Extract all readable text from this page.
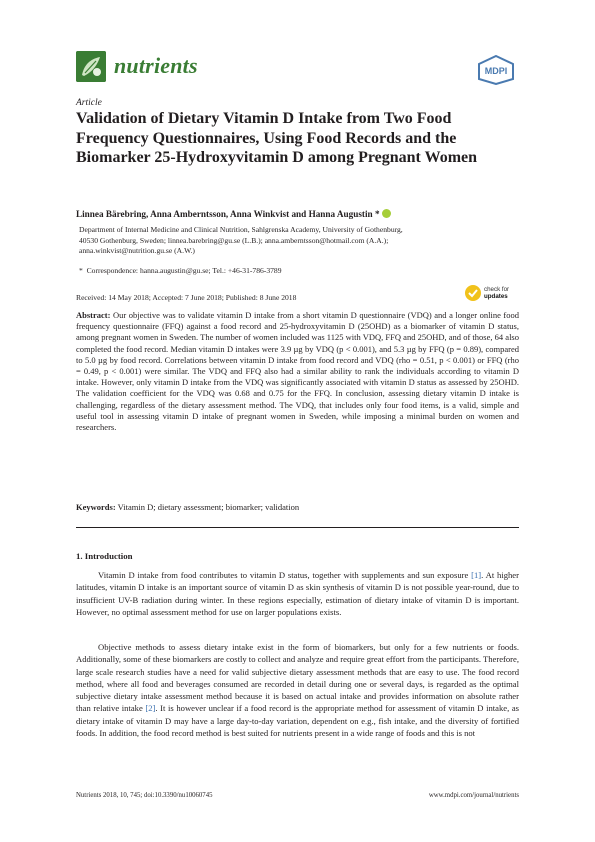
nutrients	MDPI
Article
Validation of Dietary Vitamin D Intake from Two Food Frequency Questionnaires, Using Food Records and the Biomarker 25-Hydroxyvitamin D among Pregnant Women
Linnea Bärebring, Anna Amberntsson, Anna Winkvist and Hanna Augustin *
Department of Internal Medicine and Clinical Nutrition, Sahlgrenska Academy, University of Gothenburg,
40530 Gothenburg, Sweden; linnea.barebring@gu.se (L.B.); anna.amberntsson@hotmail.com (A.A.);
anna.winkvist@nutrition.gu.se (A.W.)
* Correspondence: hanna.augustin@gu.se; Tel.: +46-31-786-3789
Received: 14 May 2018; Accepted: 7 June 2018; Published: 8 June 2018
check for
updates
Abstract: Our objective was to validate vitamin D intake from a short vitamin D questionnaire (VDQ) and a longer online food frequency questionnaire (FFQ) against a food record and 25-hydroxyvitamin D (25OHD) as a biomarker of vitamin D status, among pregnant women in Sweden. The number of women included was 1125 with VDQ, FFQ and 25OHD, and of those, 64 also completed the food record. Median vitamin D intakes were 3.9 µg by VDQ (p < 0.001), and 5.3 µg by FFQ (p = 0.89), compared to 5.0 µg by food record. Correlations between vitamin D intake from food record and VDQ (rho = 0.51, p < 0.001) or FFQ (rho = 0.49, p < 0.001) were similar. The VDQ and FFQ also had a similar ability to rank the individuals according to vitamin D intake. However, only vitamin D intake from the VDQ was significantly associated with vitamin D status as assessed by 25OHD. The validation coefficient for the VDQ was 0.68 and 0.75 for the FFQ. In conclusion, assessing dietary vitamin D intake is challenging, regardless of the dietary assessment method. The VDQ, that includes only four food items, is a valid, simple and useful tool in assessing vitamin D intake of pregnant women in Sweden, while imposing a minimal burden on women and researchers.
Keywords: Vitamin D; dietary assessment; biomarker; validation
1. Introduction
Vitamin D intake from food contributes to vitamin D status, together with supplements and sun exposure [1]. At higher latitudes, vitamin D intake is an important source of vitamin D as skin synthesis of vitamin D is not possible year-round, due to insufficient UV-B radiation during winter. In these regions especially, estimation of dietary intake of vitamin D is important. However, no optimal assessment method for use on larger populations exists.
Objective methods to assess dietary intake exist in the form of biomarkers, but only for a few nutrients or foods. Additionally, some of these biomarkers are costly to collect and analyze and require great effort from the participants. Therefore, large scale research studies have a need for valid subjective dietary assessment methods that are easy to use. The food record method, where all food and beverages consumed are recorded in detail during one or several days, is regarded as the optimal subjective dietary intake assessment method because it is based on actual intake and provides information on absolute rather than relative intake [2]. It is however unclear if a food record is the appropriate method for assessment of vitamin D intake, as dietary intake of vitamin D may have a large day-to-day variation, dependent on e.g., fish intake, and the diversity of fortified foods. In addition, the food record method is best suited for nutrients present in a wide range of foods and this is not
Nutrients 2018, 10, 745; doi:10.3390/nu10060745	www.mdpi.com/journal/nutrients
